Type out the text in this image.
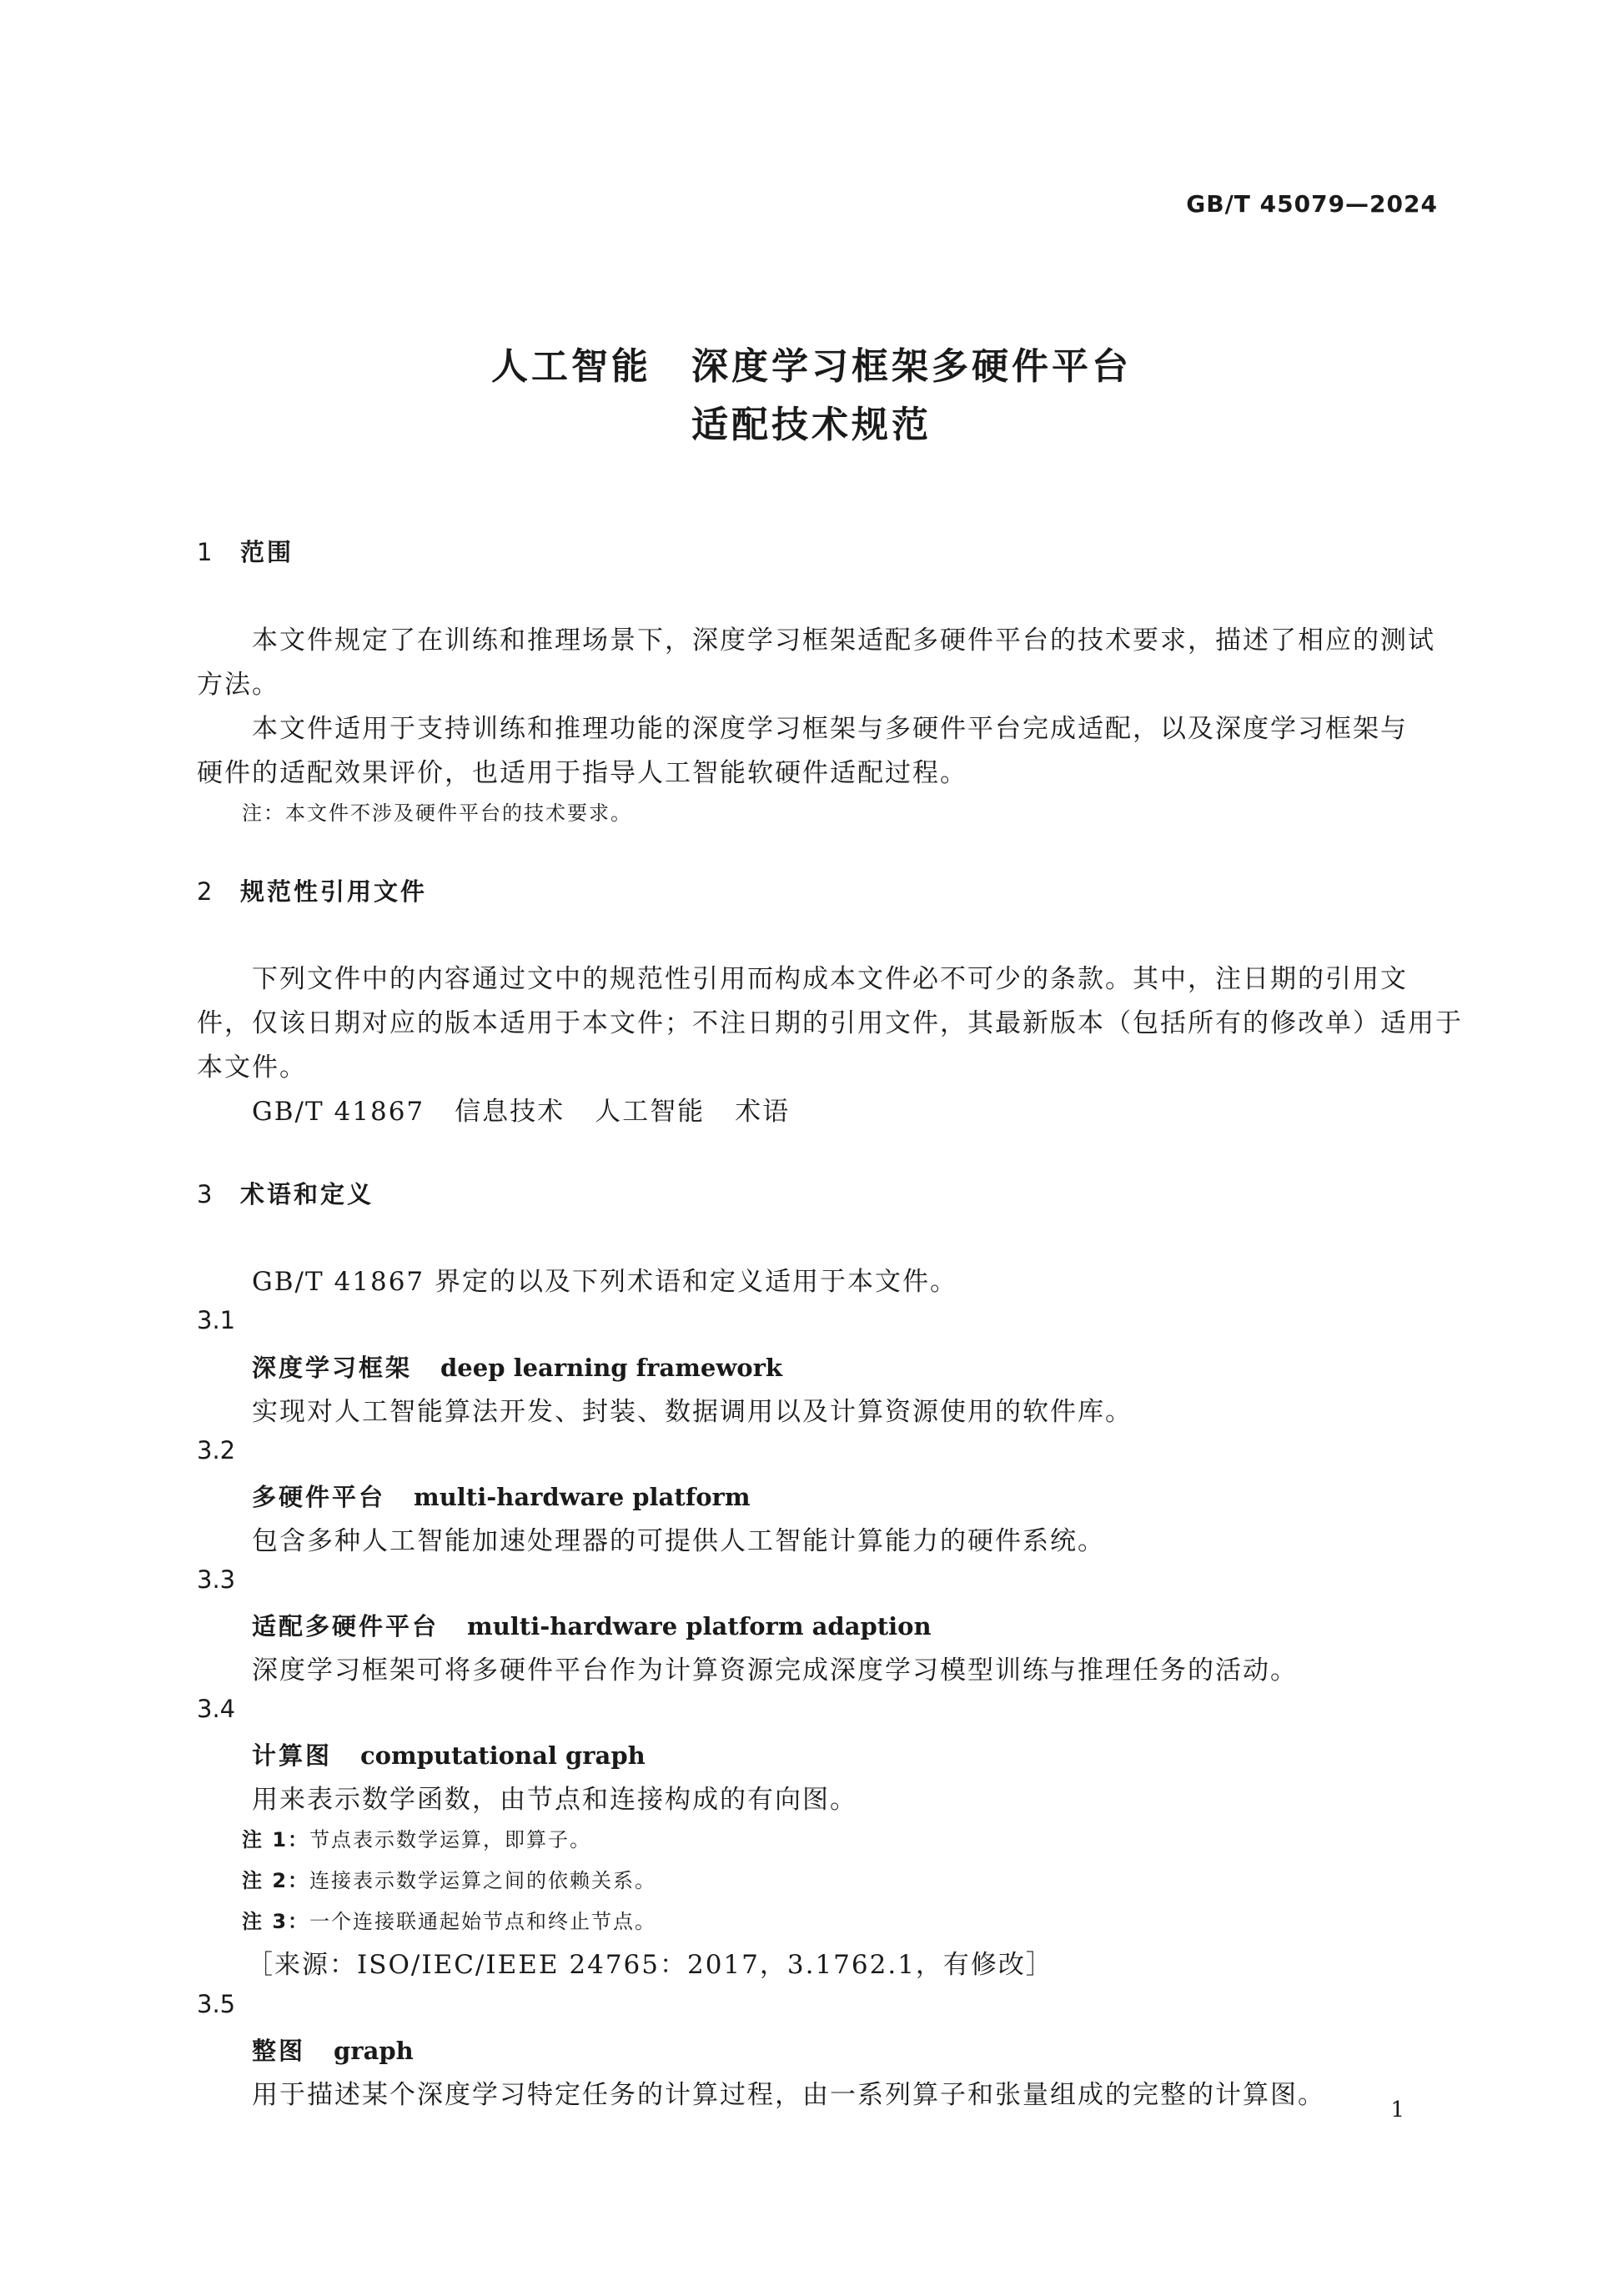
GB/T 45079—2024
人工智能　深度学习框架多硬件平台
适配技术规范
1 范围
本文件规定了在训练和推理场景下，深度学习框架适配多硬件平台的技术要求，描述了相应的测试
方法。
本文件适用于支持训练和推理功能的深度学习框架与多硬件平台完成适配，以及深度学习框架与
硬件的适配效果评价，也适用于指导人工智能软硬件适配过程。
注：本文件不涉及硬件平台的技术要求。
2 规范性引用文件
下列文件中的内容通过文中的规范性引用而构成本文件必不可少的条款。其中，注日期的引用文
件，仅该日期对应的版本适用于本文件；不注日期的引用文件，其最新版本（包括所有的修改单）适用于
本文件。
GB/T 41867 信息技术 人工智能 术语
3 术语和定义
GB/T 41867 界定的以及下列术语和定义适用于本文件。
3.1
深度学习框架 deep learning framework
实现对人工智能算法开发、封装、数据调用以及计算资源使用的软件库。
3.2
多硬件平台 multi-hardware platform
包含多种人工智能加速处理器的可提供人工智能计算能力的硬件系统。
3.3
适配多硬件平台 multi-hardware platform adaption
深度学习框架可将多硬件平台作为计算资源完成深度学习模型训练与推理任务的活动。
3.4
计算图 computational graph
用来表示数学函数，由节点和连接构成的有向图。
注 1：节点表示数学运算，即算子。
注 2：连接表示数学运算之间的依赖关系。
注 3：一个连接联通起始节点和终止节点。
［来源：ISO/IEC/IEEE 24765：2017，3.1762.1，有修改］
3.5
整图 graph
用于描述某个深度学习特定任务的计算过程，由一系列算子和张量组成的完整的计算图。	1
